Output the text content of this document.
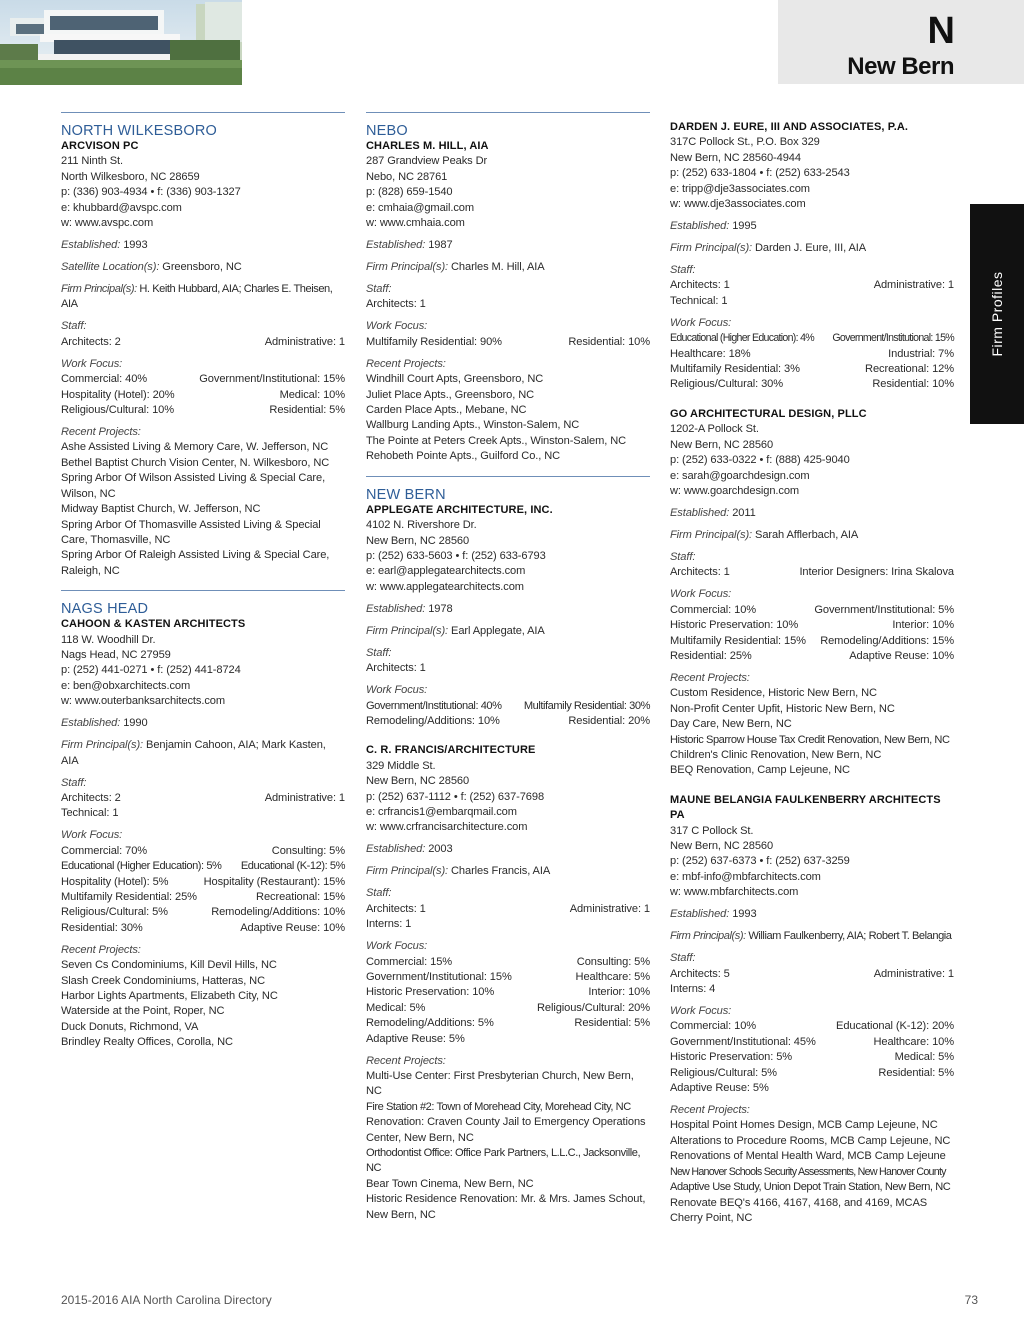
N
New Bern
Firm Profiles
NORTH WILKESBORO
ARCVISON PC
211 Ninth St.
North Wilkesboro, NC 28659
p: (336) 903-4934 • f: (336) 903-1327
e: khubbard@avspc.com
w: www.avspc.com
Established: 1993
Satellite Location(s): Greensboro, NC
Firm Principal(s): H. Keith Hubbard, AIA; Charles E. Theisen, AIA
Staff:
Architects: 2	Administrative: 1
Work Focus:
Commercial: 40%	Government/Institutional: 15%
Hospitality (Hotel): 20%	Medical: 10%
Religious/Cultural: 10%	Residential: 5%
Recent Projects:
Ashe Assisted Living & Memory Care, W. Jefferson, NC
Bethel Baptist Church Vision Center, N. Wilkesboro, NC
Spring Arbor Of Wilson Assisted Living & Special Care, Wilson, NC
Midway Baptist Church, W. Jefferson, NC
Spring Arbor Of Thomasville Assisted Living & Special Care, Thomasville, NC
Spring Arbor Of Raleigh Assisted Living & Special Care, Raleigh, NC
NAGS HEAD
CAHOON & KASTEN ARCHITECTS
118 W. Woodhill Dr.
Nags Head, NC 27959
p: (252) 441-0271 • f: (252) 441-8724
e: ben@obxarchitects.com
w: www.outerbanksarchitects.com
Established: 1990
Firm Principal(s): Benjamin Cahoon, AIA; Mark Kasten, AIA
Staff:
Architects: 2	Administrative: 1
Technical: 1
Work Focus:
Commercial: 70%	Consulting: 5%
Educational (Higher Education): 5% Educational (K-12): 5%
Hospitality (Hotel): 5%	Hospitality (Restaurant): 15%
Multifamily Residential: 25%	Recreational: 15%
Religious/Cultural: 5%	Remodeling/Additions: 10%
Residential: 30%	Adaptive Reuse: 10%
Recent Projects:
Seven Cs Condominiums, Kill Devil Hills, NC
Slash Creek Condominiums, Hatteras, NC
Harbor Lights Apartments, Elizabeth City, NC
Waterside at the Point, Roper, NC
Duck Donuts, Richmond, VA
Brindley Realty Offices, Corolla, NC
NEBO
CHARLES M. HILL, AIA
287 Grandview Peaks Dr
Nebo, NC 28761
p: (828) 659-1540
e: cmhaia@gmail.com
w: www.cmhaia.com
Established: 1987
Firm Principal(s): Charles M. Hill, AIA
Staff:
Architects: 1
Work Focus:
Multifamily Residential: 90%	Residential: 10%
Recent Projects:
Windhill Court Apts, Greensboro, NC
Juliet Place Apts., Greensboro, NC
Carden Place Apts., Mebane, NC
Wallburg Landing Apts., Winston-Salem, NC
The Pointe at Peters Creek Apts., Winston-Salem, NC
Rehobeth Pointe Apts., Guilford Co., NC
NEW BERN
APPLEGATE ARCHITECTURE, INC.
4102 N. Rivershore Dr.
New Bern, NC 28560
p: (252) 633-5603 • f: (252) 633-6793
e: earl@applegatearchitects.com
w: www.applegatearchitects.com
Established: 1978
Firm Principal(s): Earl Applegate, AIA
Staff:
Architects: 1
Work Focus:
Government/Institutional: 40% Multifamily Residential: 30%
Remodeling/Additions: 10%	Residential: 20%
C. R. FRANCIS/ARCHITECTURE
329 Middle St.
New Bern, NC 28560
p: (252) 637-1112 • f: (252) 637-7698
e: crfrancis1@embarqmail.com
w: www.crfrancisarchitecture.com
Established: 2003
Firm Principal(s): Charles Francis, AIA
Staff:
Architects: 1	Administrative: 1
Interns: 1
Work Focus:
Commercial: 15%	Consulting: 5%
Government/Institutional: 15%	Healthcare: 5%
Historic Preservation: 10%	Interior: 10%
Medical: 5%	Religious/Cultural: 20%
Remodeling/Additions: 5%	Residential: 5%
Adaptive Reuse: 5%
Recent Projects:
Multi-Use Center: First Presbyterian Church, New Bern, NC
Fire Station #2: Town of Morehead City, Morehead City, NC
Renovation: Craven County Jail to Emergency Operations Center, New Bern, NC
Orthodontist Office: Office Park Partners, L.L.C., Jacksonville, NC
Bear Town Cinema, New Bern, NC
Historic Residence Renovation: Mr. & Mrs. James Schout, New Bern, NC
DARDEN J. EURE, III AND ASSOCIATES, P.A.
317C Pollock St., P.O. Box 329
New Bern, NC 28560-4944
p: (252) 633-1804 • f: (252) 633-2543
e: tripp@dje3associates.com
w: www.dje3associates.com
Established: 1995
Firm Principal(s): Darden J. Eure, III, AIA
Staff:
Architects: 1	Administrative: 1
Technical: 1
Work Focus:
Educational (Higher Education): 4% Government/Institutional: 15%
Healthcare: 18%	Industrial: 7%
Multifamily Residential: 3%	Recreational: 12%
Religious/Cultural: 30%	Residential: 10%
GO ARCHITECTURAL DESIGN, PLLC
1202-A Pollock St.
New Bern, NC 28560
p: (252) 633-0322 • f: (888) 425-9040
e: sarah@goarchdesign.com
w: www.goarchdesign.com
Established: 2011
Firm Principal(s): Sarah Afflerbach, AIA
Staff:
Architects: 1	Interior Designers: Irina Skalova
Work Focus:
Commercial: 10%	Government/Institutional: 5%
Historic Preservation: 10%	Interior: 10%
Multifamily Residential: 15% Remodeling/Additions: 15%
Residential: 25%	Adaptive Reuse: 10%
Recent Projects:
Custom Residence, Historic New Bern, NC
Non-Profit Center Upfit, Historic New Bern, NC
Day Care, New Bern, NC
Historic Sparrow House Tax Credit Renovation, New Bern, NC
Children's Clinic Renovation, New Bern, NC
BEQ Renovation, Camp Lejeune, NC
MAUNE BELANGIA FAULKENBERRY ARCHITECTS PA
317 C Pollock St.
New Bern, NC 28560
p: (252) 637-6373 • f: (252) 637-3259
e: mbf-info@mbfarchitects.com
w: www.mbfarchitects.com
Established: 1993
Firm Principal(s): William Faulkenberry, AIA; Robert T. Belangia
Staff:
Architects: 5	Administrative: 1
Interns: 4
Work Focus:
Commercial: 10%	Educational (K-12): 20%
Government/Institutional: 45%	Healthcare: 10%
Historic Preservation: 5%	Medical: 5%
Religious/Cultural: 5%	Residential: 5%
Adaptive Reuse: 5%
Recent Projects:
Hospital Point Homes Design, MCB Camp Lejeune, NC
Alterations to Procedure Rooms, MCB Camp Lejeune, NC
Renovations of Mental Health Ward, MCB Camp Lejeune
New Hanover Schools Security Assessments, New Hanover County
Adaptive Use Study, Union Depot Train Station, New Bern, NC
Renovate BEQ's 4166, 4167, 4168, and 4169, MCAS Cherry Point, NC
2015-2016 AIA North Carolina Directory	73
